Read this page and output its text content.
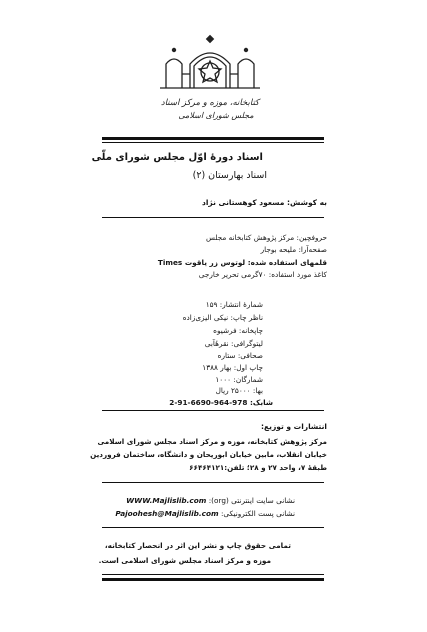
کتابخانه، موزه و مرکز اسناد
مجلس شورای اسلامی
اسناد دورهٔ اوّل مجلس شورای ملّی
اسناد بهارستان (۲)
به کوشش: مسعود کوهستانی نژاد
حروفچین: مرکز پژوهش کتابخانه مجلس
صفحه‌آرا: ملیحه بوجار
قلمهای استفاده شده: لوتوس زر یاقوت Times
کاغذ مورد استفاده: ۷۰گرمی تحریر خارجی
شمارهٔ انتشار: ۱۵۹
ناظر چاپ: نیکی الیزی‌زاده
چاپخانه: فرشیوه
لیتوگرافی: نقرهٔآبی
صحافی: ستاره
چاپ اول: بهار ۱۳۸۸
شمارگان: ۱۰۰۰
بها: ۲۵۰۰۰ ریال
شابک: 978-964-6690-91-2
انتشارات و توزیع:
مرکز پژوهش کتابخانه، موزه و مرکز اسناد مجلس شورای اسلامی
خیابان انقلاب، مابین خیابان ابوریحان و دانشگاه، ساختمان فروردین
طبقهٔ ۷، واحد ۲۷ و ۲۸؛ تلفن:۶۶۴۶۴۱۲۱
نشانی سایت اینترنتی (org): WWW.Majlislib.com
نشانی پست الکترونیکی: Pajoohesh@Majlislib.com
تمامی حقوق چاپ و نشر این اثر در انحصار کتابخانه،
موزه و مرکز اسناد مجلس شورای اسلامی است.
